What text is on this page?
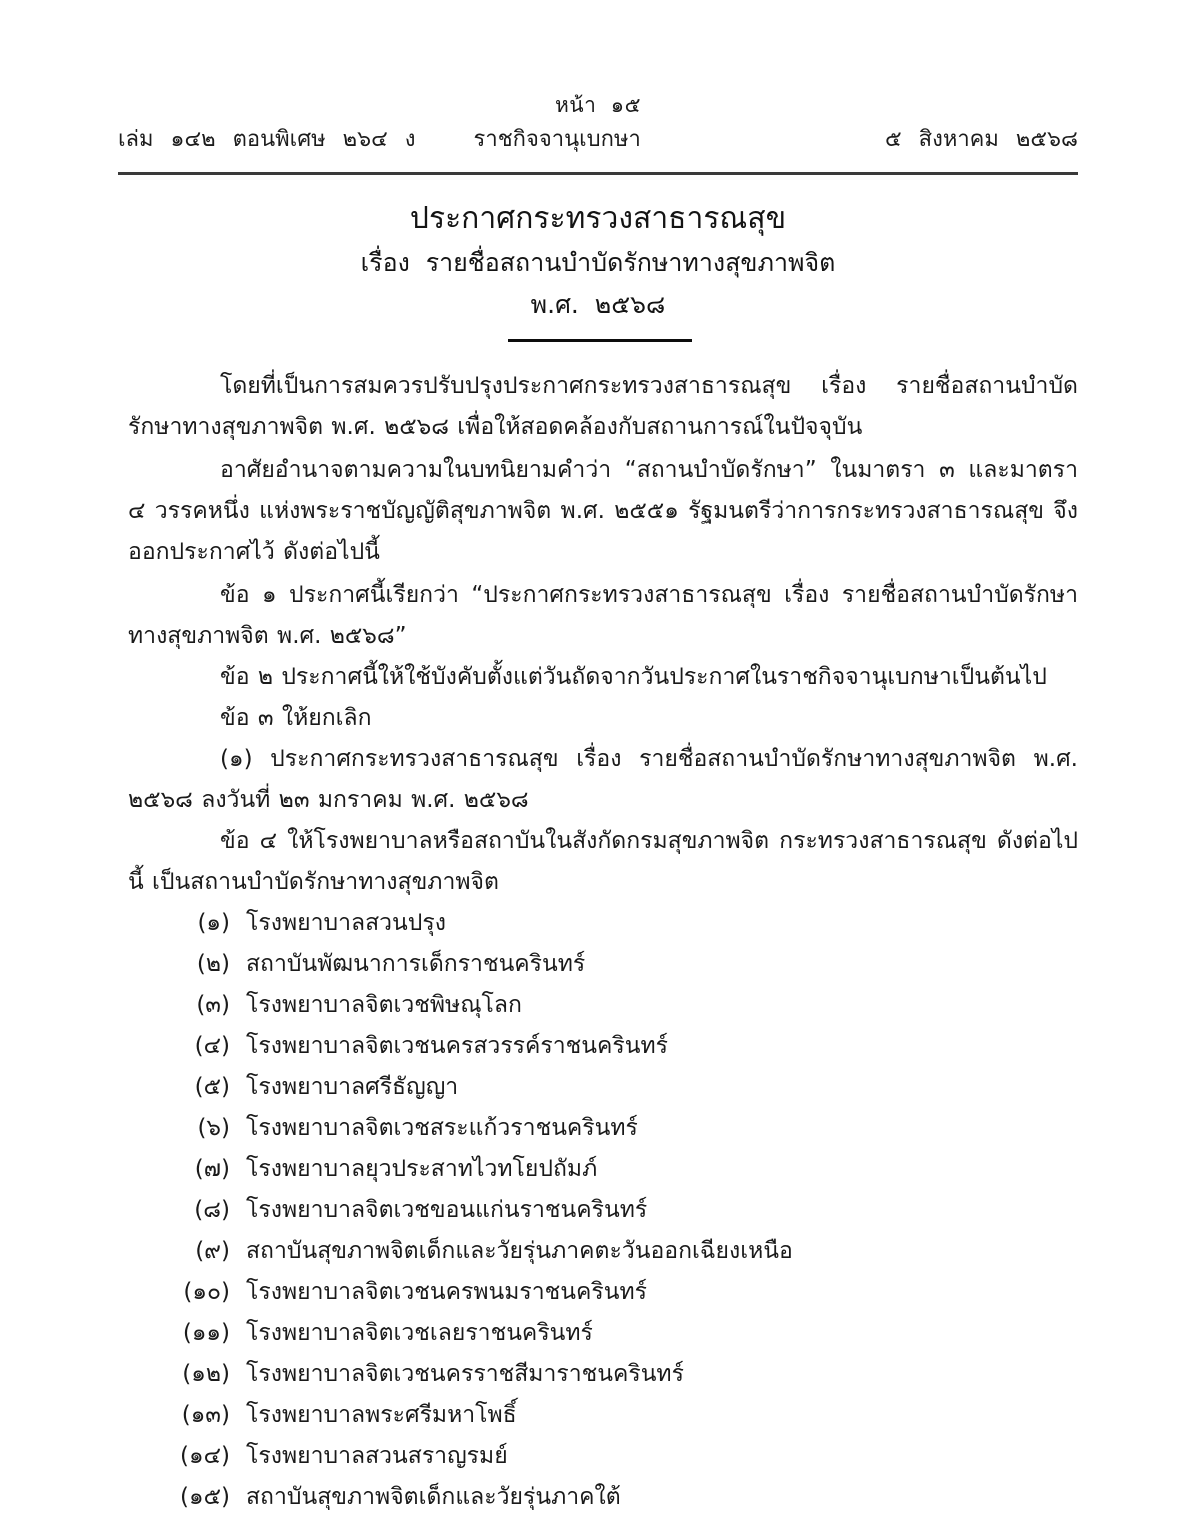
หน้า  ๑๕
เล่ม ๑๔๒ ตอนพิเศษ ๒๖๔ ง	ราชกิจจานุเบกษา	๕ สิงหาคม ๒๕๖๘
ประกาศกระทรวงสาธารณสุข
เรื่อง  รายชื่อสถานบำบัดรักษาทางสุขภาพจิต
พ.ศ.  ๒๕๖๘

โดยที่เป็นการสมควรปรับปรุงประกาศกระทรวงสาธารณสุข เรื่อง รายชื่อสถานบำบัดรักษาทางสุขภาพจิต พ.ศ. ๒๕๖๘ เพื่อให้สอดคล้องกับสถานการณ์ในปัจจุบัน

อาศัยอำนาจตามความในบทนิยามคำว่า “สถานบำบัดรักษา” ในมาตรา ๓ และมาตรา ๔ วรรคหนึ่ง แห่งพระราชบัญญัติสุขภาพจิต พ.ศ. ๒๕๕๑ รัฐมนตรีว่าการกระทรวงสาธารณสุข จึงออกประกาศไว้ ดังต่อไปนี้

ข้อ ๑ ประกาศนี้เรียกว่า “ประกาศกระทรวงสาธารณสุข เรื่อง รายชื่อสถานบำบัดรักษา ทางสุขภาพจิต พ.ศ. ๒๕๖๘”

ข้อ ๒ ประกาศนี้ให้ใช้บังคับตั้งแต่วันถัดจากวันประกาศในราชกิจจานุเบกษาเป็นต้นไป

ข้อ ๓ ให้ยกเลิก

(๑) ประกาศกระทรวงสาธารณสุข เรื่อง รายชื่อสถานบำบัดรักษาทางสุขภาพจิต พ.ศ. ๒๕๖๘ ลงวันที่ ๒๓ มกราคม พ.ศ. ๒๕๖๘

ข้อ ๔ ให้โรงพยาบาลหรือสถาบันในสังกัดกรมสุขภาพจิต กระทรวงสาธารณสุข ดังต่อไปนี้ เป็นสถานบำบัดรักษาทางสุขภาพจิต

(๑) โรงพยาบาลสวนปรุง
(๒) สถาบันพัฒนาการเด็กราชนครินทร์
(๓) โรงพยาบาลจิตเวชพิษณุโลก
(๔) โรงพยาบาลจิตเวชนครสวรรค์ราชนครินทร์
(๕) โรงพยาบาลศรีธัญญา
(๖) โรงพยาบาลจิตเวชสระแก้วราชนครินทร์
(๗) โรงพยาบาลยุวประสาทไวทโยปถัมภ์
(๘) โรงพยาบาลจิตเวชขอนแก่นราชนครินทร์
(๙) สถาบันสุขภาพจิตเด็กและวัยรุ่นภาคตะวันออกเฉียงเหนือ
(๑๐) โรงพยาบาลจิตเวชนครพนมราชนครินทร์
(๑๑) โรงพยาบาลจิตเวชเลยราชนครินทร์
(๑๒) โรงพยาบาลจิตเวชนครราชสีมาราชนครินทร์
(๑๓) โรงพยาบาลพระศรีมหาโพธิ์
(๑๔) โรงพยาบาลสวนสราญรมย์
(๑๕) สถาบันสุขภาพจิตเด็กและวัยรุ่นภาคใต้
